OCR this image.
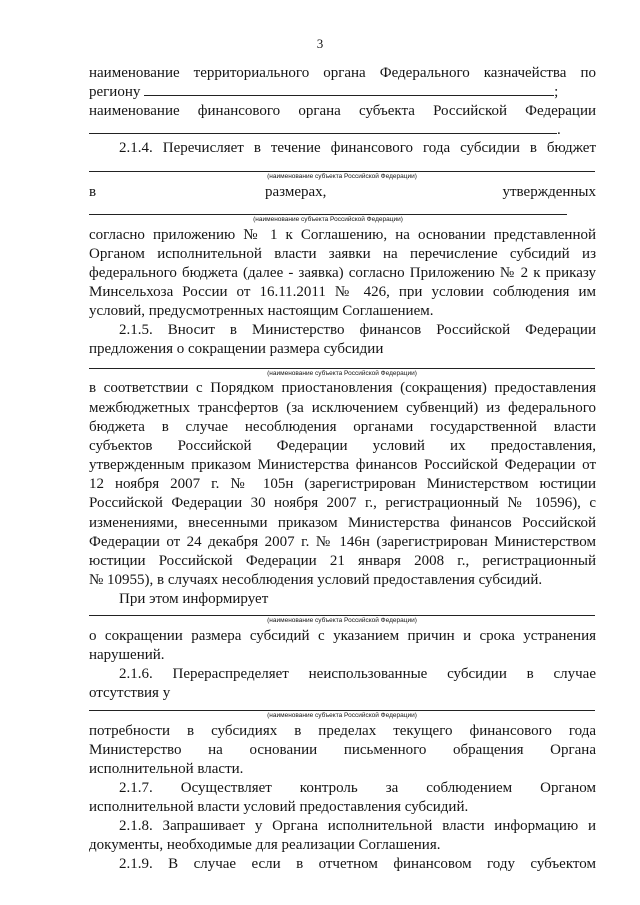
3
наименование территориального органа Федерального казначейства по
региону	;
наименование финансового органа субъекта Российской Федерации
.
2.1.4. Перечисляет в течение финансового года субсидии в бюджет
(наименование субъекта Российской Федерации)
в	размерах,	утвержденных
(наименование субъекта Российской Федерации)
согласно приложению № 1 к Соглашению, на основании представленной
Органом исполнительной власти заявки на перечисление субсидий из
федерального бюджета (далее - заявка) согласно Приложению № 2 к приказу
Минсельхоза России от 16.11.2011 № 426, при условии соблюдения им
условий, предусмотренных настоящим Соглашением.
2.1.5. Вносит в Министерство финансов Российской Федерации
предложения о сокращении размера субсидии
(наименование субъекта Российской Федерации)
в соответствии с Порядком приостановления (сокращения) предоставления
межбюджетных трансфертов (за исключением субвенций) из федерального
бюджета в случае несоблюдения органами государственной власти
субъектов Российской Федерации условий их предоставления,
утвержденным приказом Министерства финансов Российской Федерации от
12 ноября 2007 г. № 105н (зарегистрирован Министерством юстиции
Российской Федерации 30 ноября 2007 г., регистрационный № 10596), с
изменениями, внесенными приказом Министерства финансов Российской
Федерации от 24 декабря 2007 г. № 146н (зарегистрирован Министерством
юстиции Российской Федерации 21 января 2008 г., регистрационный
№ 10955), в случаях несоблюдения условий предоставления субсидий.
При этом информирует
(наименование субъекта Российской Федерации)
о сокращении размера субсидий с указанием причин и срока устранения
нарушений.
2.1.6. Перераспределяет неиспользованные субсидии в случае
отсутствия у
(наименование субъекта Российской Федерации)
потребности в субсидиях в пределах текущего финансового года
Министерство на основании письменного обращения Органа
исполнительной власти.
2.1.7. Осуществляет контроль за соблюдением Органом
исполнительной власти условий предоставления субсидий.
2.1.8. Запрашивает у Органа исполнительной власти информацию и
документы, необходимые для реализации Соглашения.
2.1.9. В случае если в отчетном финансовом году субъектом
